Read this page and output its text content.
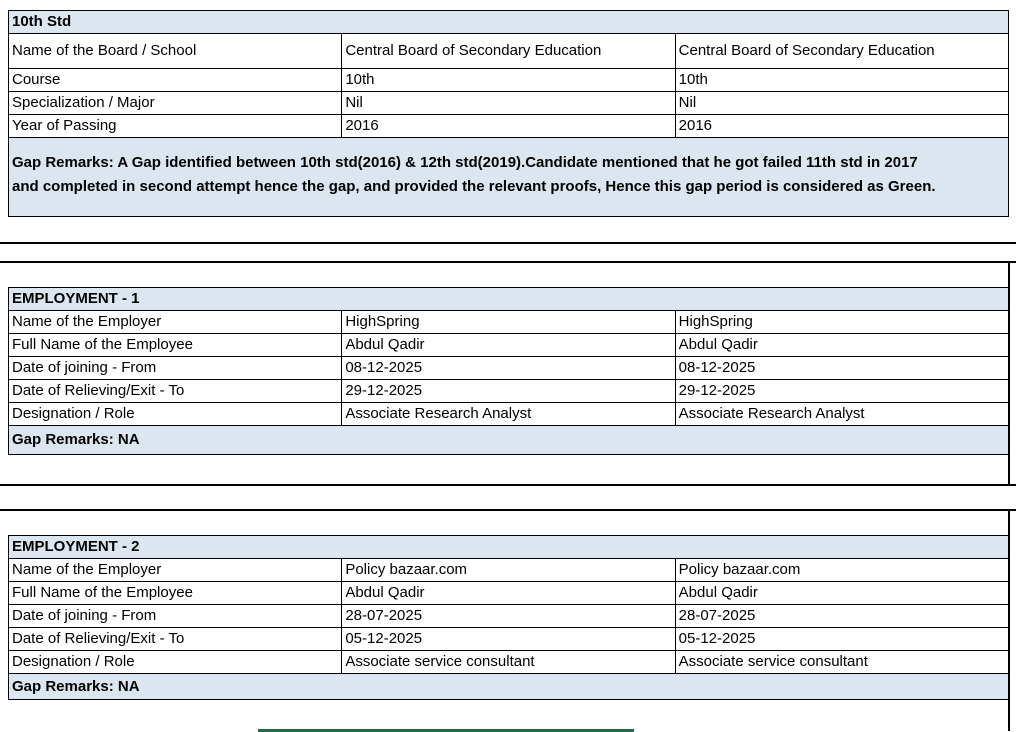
10th Std		
Name of the Board / School	Central Board of Secondary Education	Central Board of Secondary Education
Course	10th	10th
Specialization / Major	Nil	Nil
Year of Passing	2016	2016

Gap Remarks: A Gap identified between 10th std(2016) & 12th std(2019).Candidate mentioned that he got failed 11th std in 2017
and completed in second attempt hence the gap, and provided the relevant proofs, Hence this gap period is considered as Green.		
EMPLOYMENT - 1		
Name of the Employer	HighSpring	HighSpring
Full Name of the Employee	Abdul Qadir	Abdul Qadir
Date of joining - From	08-12-2025	08-12-2025
Date of Relieving/Exit - To	29-12-2025	29-12-2025
Designation / Role	Associate Research Analyst	Associate Research Analyst
Gap Remarks: NA		
EMPLOYMENT - 2		
Name of the Employer	Policy bazaar.com	Policy bazaar.com
Full Name of the Employee	Abdul Qadir	Abdul Qadir
Date of joining - From	28-07-2025	28-07-2025
Date of Relieving/Exit - To	05-12-2025	05-12-2025
Designation / Role	Associate service consultant	Associate service consultant
Gap Remarks: NA		
